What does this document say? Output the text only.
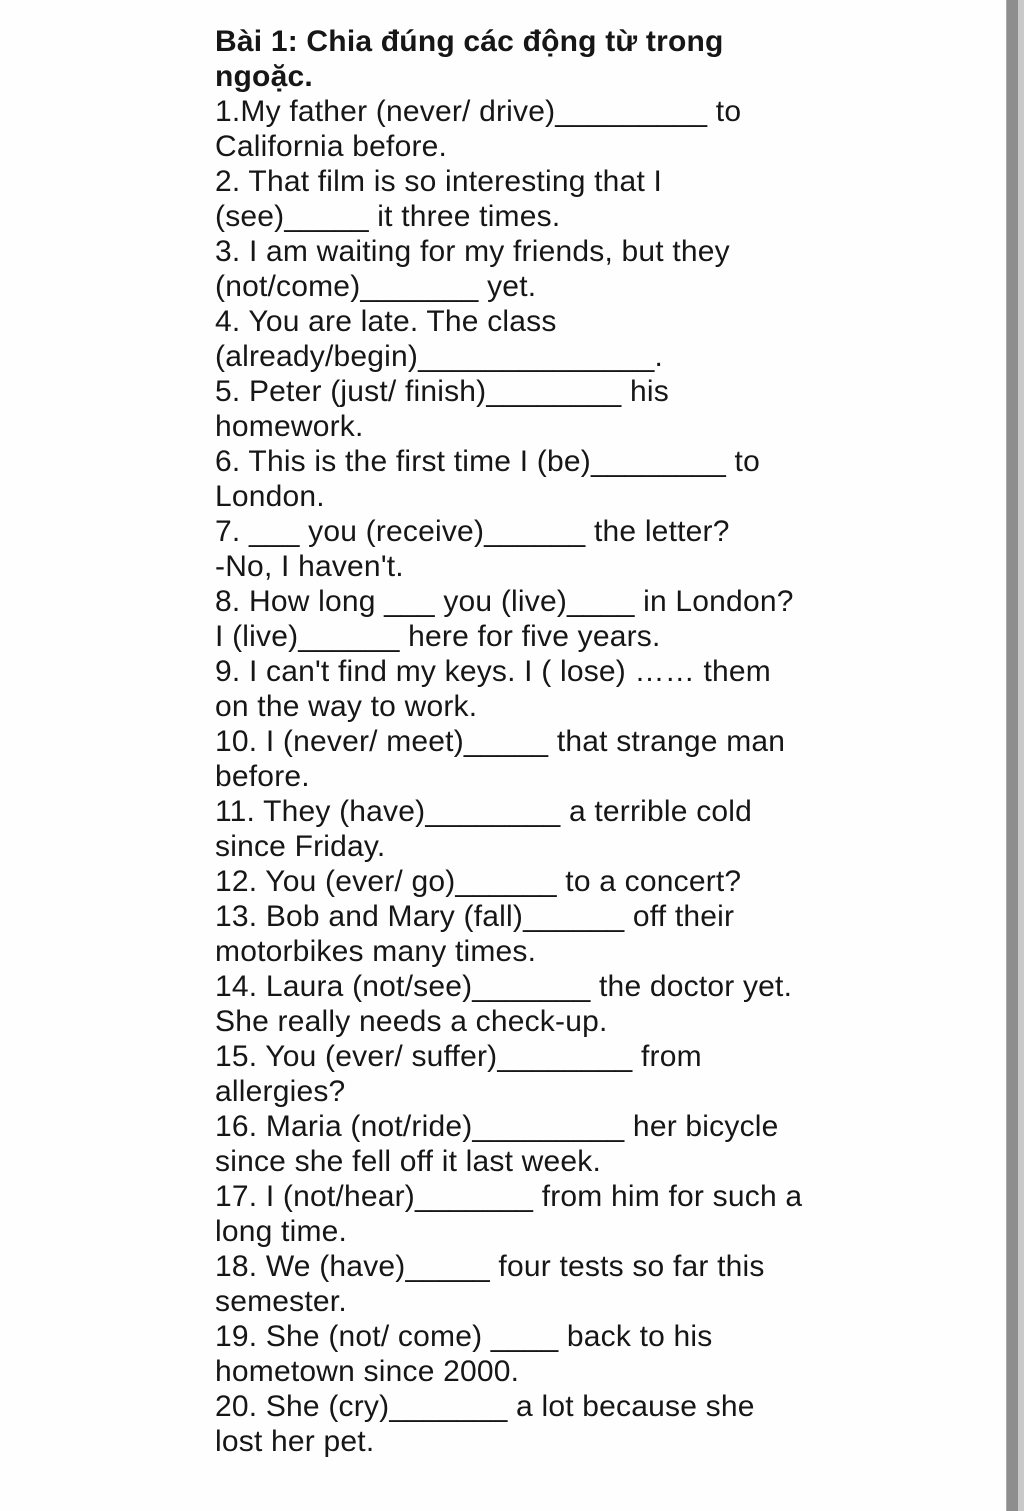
Bài 1: Chia đúng các động từ trong
ngoặc.
1.My father (never/ drive)_________ to
California before.
2. That film is so interesting that I
(see)_____ it three times.
3. I am waiting for my friends, but they
(not/come)_______ yet.
4. You are late. The class
(already/begin)______________.
5. Peter (just/ finish)________ his
homework.
6. This is the first time I (be)________ to
London.
7. ___ you (receive)______ the letter?
-No, I haven't.
8. How long ___ you (live)____ in London?
I (live)______ here for five years.
9. I can't find my keys. I ( lose) …… them
on the way to work.
10. I (never/ meet)_____ that strange man
before.
11. They (have)________ a terrible cold
since Friday.
12. You (ever/ go)______ to a concert?
13. Bob and Mary (fall)______ off their
motorbikes many times.
14. Laura (not/see)_______ the doctor yet.
She really needs a check-up.
15. You (ever/ suffer)________ from
allergies?
16. Maria (not/ride)_________ her bicycle
since she fell off it last week.
17. I (not/hear)_______ from him for such a
long time.
18. We (have)_____ four tests so far this
semester.
19. She (not/ come) ____ back to his
hometown since 2000.
20. She (cry)_______ a lot because she
lost her pet.
